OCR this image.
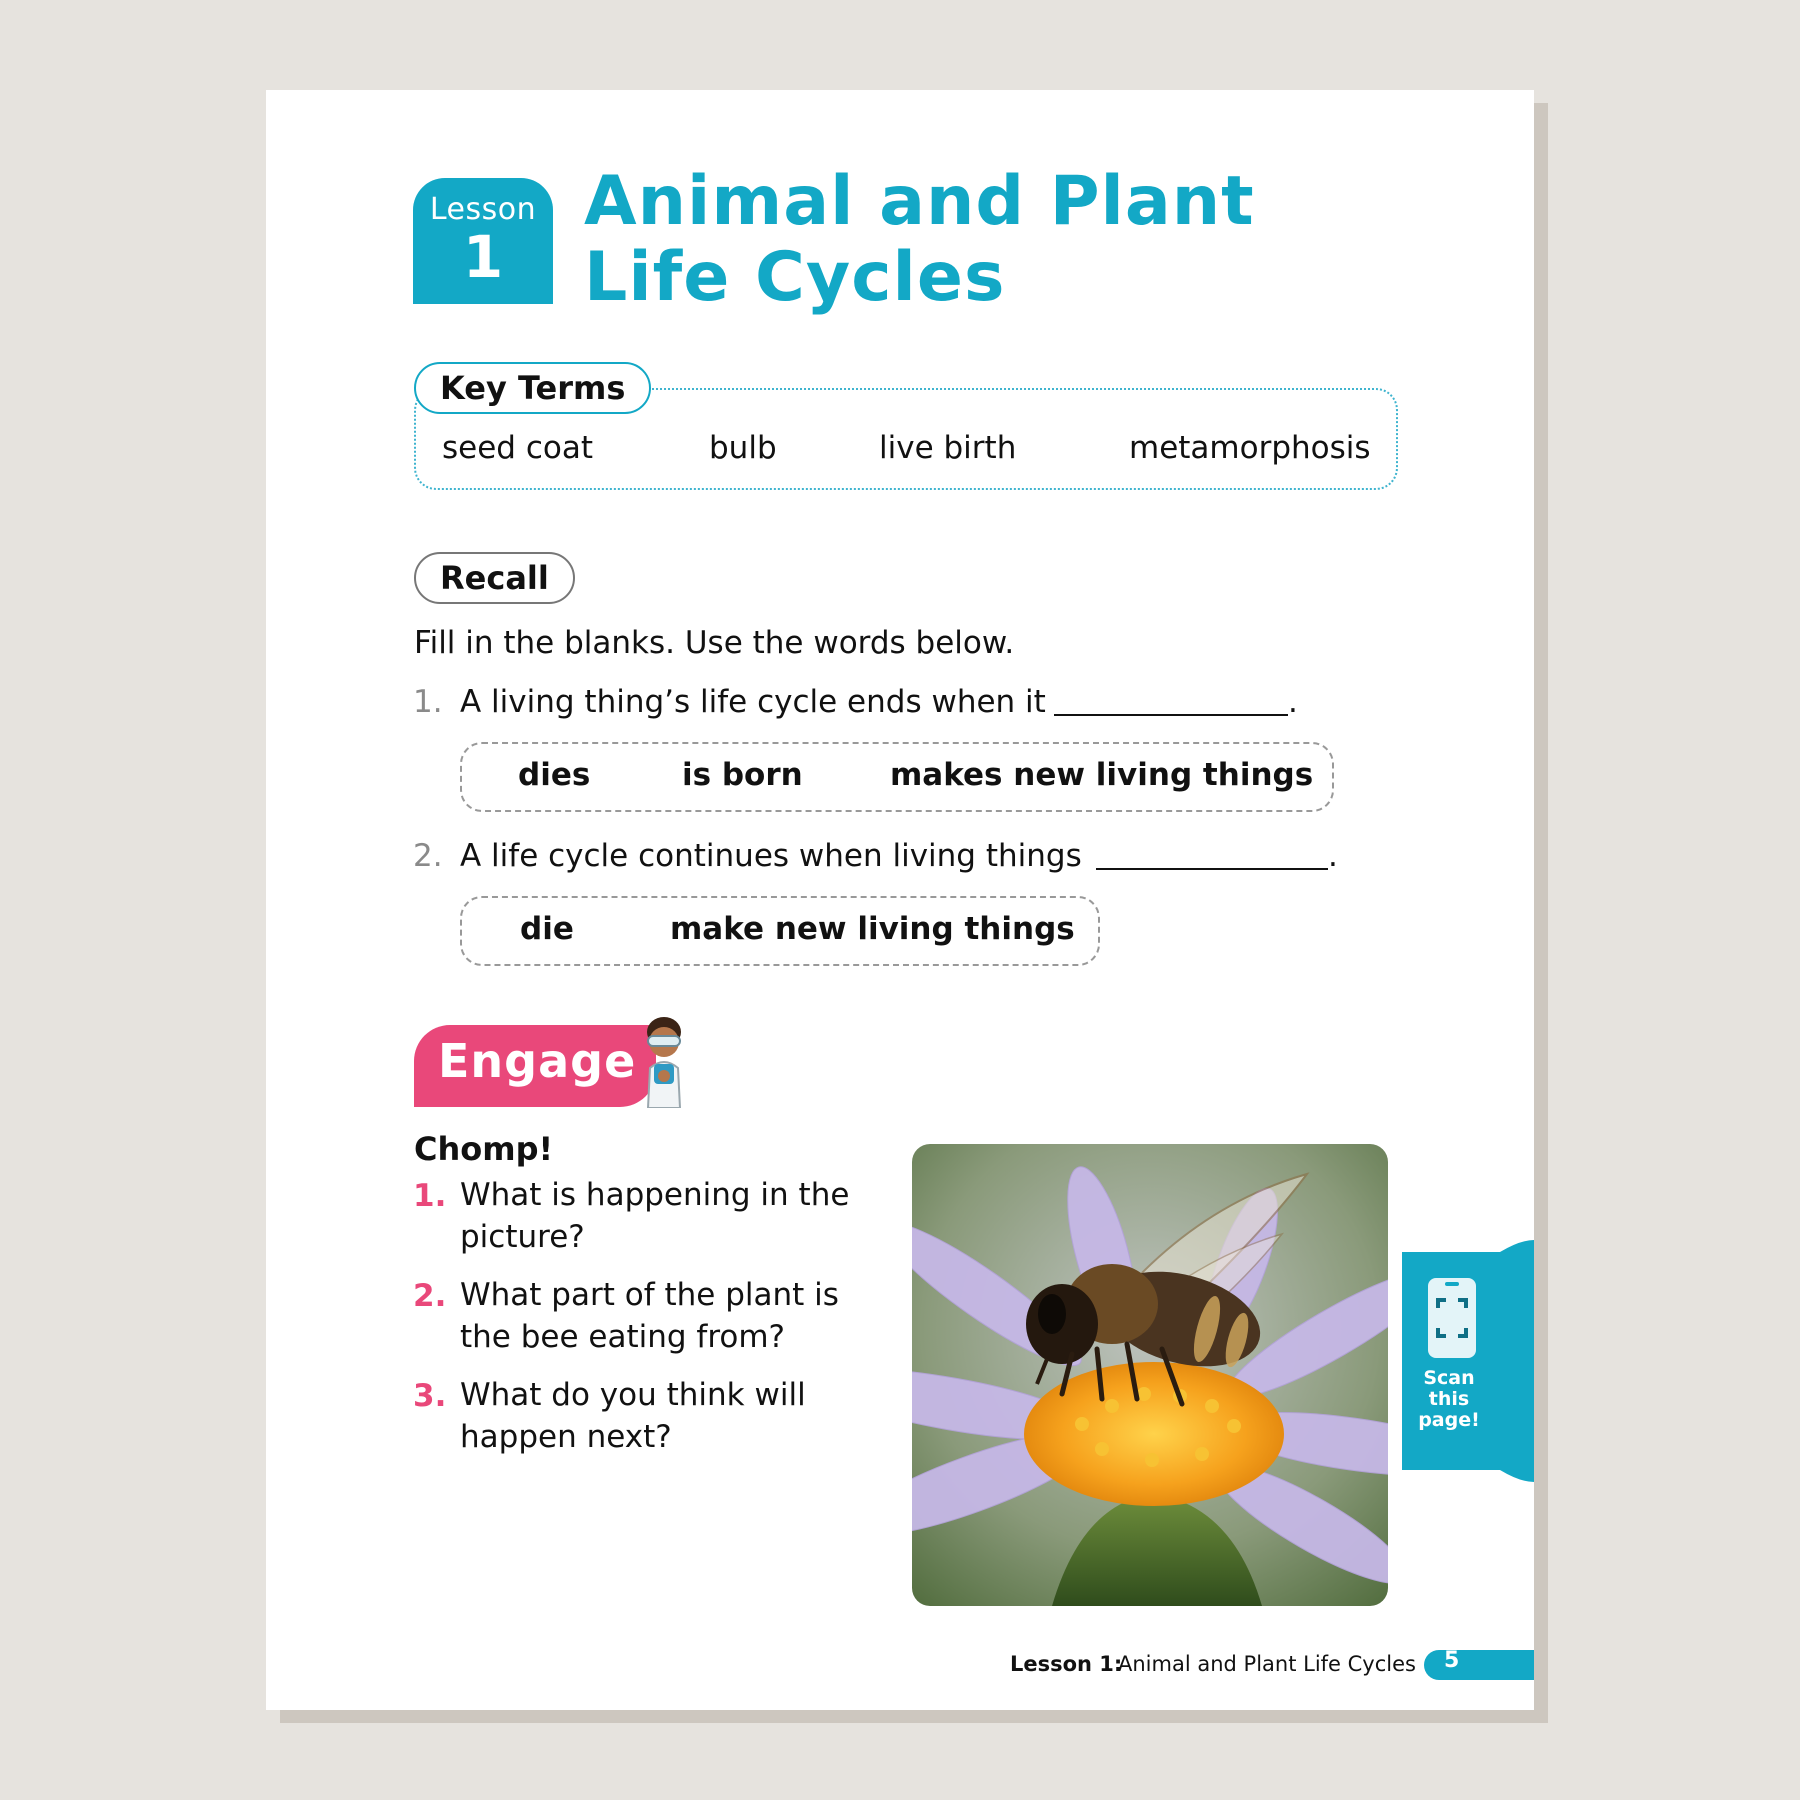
Lesson
1
Animal and Plant
Life Cycles
Key Terms
seed coat	bulb	live birth	metamorphosis
Recall
Fill in the blanks. Use the words below.
1. A living thing’s life cycle ends when it	.
dies	is born	makes new living things
2. A life cycle continues when living things	.
die	make new living things
Engage
Chomp!
1. What is happening in the picture?
2. What part of the plant is the bee eating from?
3. What do you think will happen next?
Scan this page!
Lesson 1:
Animal and Plant Life Cycles 5
